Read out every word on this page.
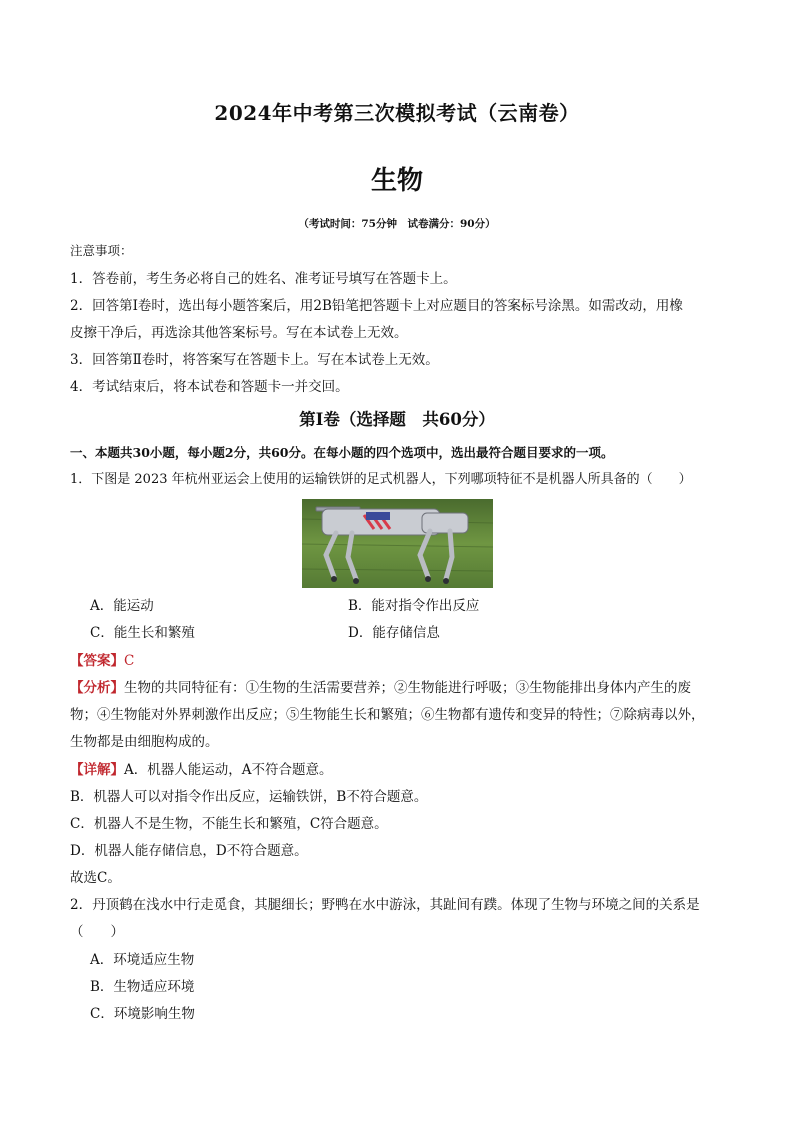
2024年中考第三次模拟考试（云南卷）
生物
（考试时间：75分钟　试卷满分：90分）
注意事项：
1．答卷前，考生务必将自己的姓名、准考证号填写在答题卡上。
2．回答第Ⅰ卷时，选出每小题答案后，用2B铅笔把答题卡上对应题目的答案标号涂黑。如需改动，用橡
皮擦干净后，再选涂其他答案标号。写在本试卷上无效。
3．回答第Ⅱ卷时，将答案写在答题卡上。写在本试卷上无效。
4．考试结束后，将本试卷和答题卡一并交回。
第Ⅰ卷（选择题　共60分）
一、本题共30小题，每小题2分，共60分。在每小题的四个选项中，选出最符合题目要求的一项。
1．下图是 2023 年杭州亚运会上使用的运输铁饼的足式机器人，下列哪项特征不是机器人所具备的（　　）
A．能运动	B．能对指令作出反应
C．能生长和繁殖	D．能存储信息
【答案】C
【分析】生物的共同特征有：①生物的生活需要营养；②生物能进行呼吸；③生物能排出身体内产生的废
物；④生物能对外界刺激作出反应；⑤生物能生长和繁殖；⑥生物都有遗传和变异的特性；⑦除病毒以外，
生物都是由细胞构成的。
【详解】A．机器人能运动，A不符合题意。
B．机器人可以对指令作出反应，运输铁饼，B不符合题意。
C．机器人不是生物，不能生长和繁殖，C符合题意。
D．机器人能存储信息，D不符合题意。
故选C。
2．丹顶鹤在浅水中行走觅食，其腿细长；野鸭在水中游泳，其趾间有蹼。体现了生物与环境之间的关系是
（　　）
A．环境适应生物
B．生物适应环境
C．环境影响生物
